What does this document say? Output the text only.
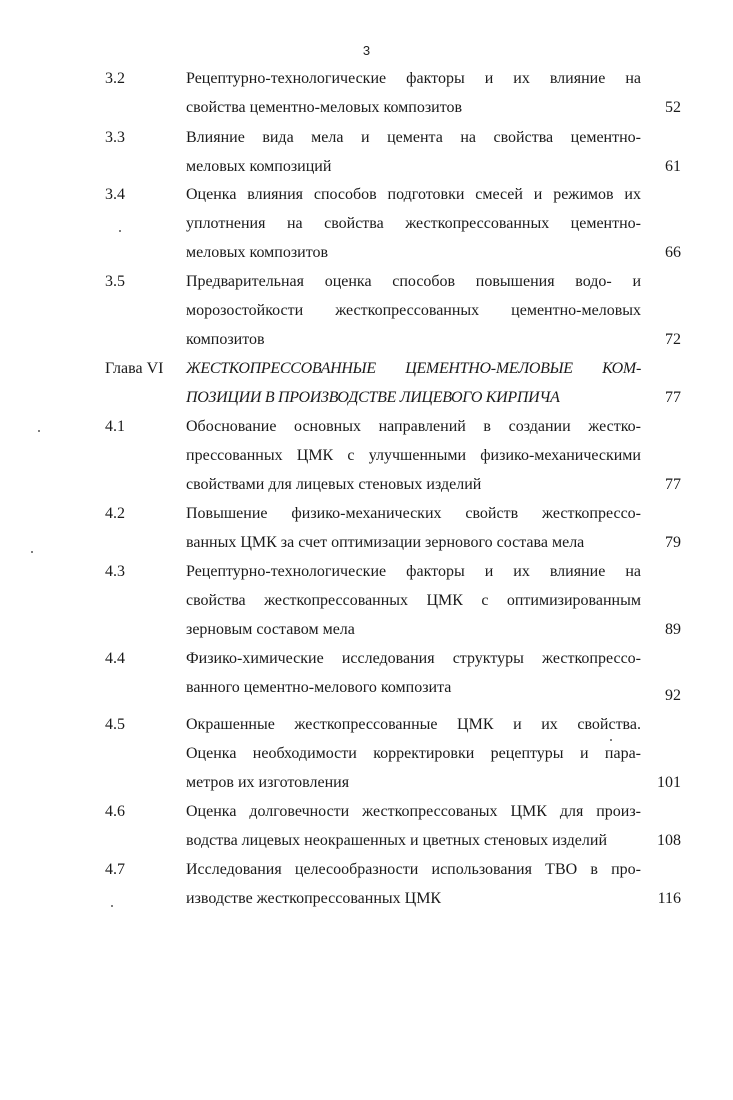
3
3.2	Рецептурно-технологические факторы и их влияние на
свойства цементно-меловых композитов	52
3.3	Влияние вида мела и цемента на свойства цементно-
меловых композиций	61
3.4	Оценка влияния способов подготовки смесей и режимов их
уплотнения на свойства жесткопрессованных цементно-
меловых композитов	66
3.5	Предварительная оценка способов повышения водо- и
морозостойкости жесткопрессованных цементно-меловых
композитов	72
Глава VI ЖЕСТКОПРЕССОВАННЫЕ ЦЕМЕНТНО-МЕЛОВЫЕ КОМ-
ПОЗИЦИИ В ПРОИЗВОДСТВЕ ЛИЦЕВОГО КИРПИЧА	77
4.1	Обоснование основных направлений в создании жестко-
прессованных ЦМК с улучшенными физико-механическими
свойствами для лицевых стеновых изделий	77
4.2	Повышение физико-механических свойств жесткопрессо-
ванных ЦМК за счет оптимизации зернового состава мела	79
4.3	Рецептурно-технологические факторы и их влияние на
свойства жесткопрессованных ЦМК с оптимизированным
зерновым составом мела	89
4.4	Физико-химические исследования структуры жесткопрессо-
ванного цементно-мелового композита	92
4.5	Окрашенные жесткопрессованные ЦМК и их свойства.
Оценка необходимости корректировки рецептуры и пара-
метров их изготовления	101
4.6	Оценка долговечности жесткопрессованых ЦМК для произ-
водства лицевых неокрашенных и цветных стеновых изделий	108
4.7	Исследования целесообразности использования ТВО в про-
изводстве жесткопрессованных ЦМК	116
